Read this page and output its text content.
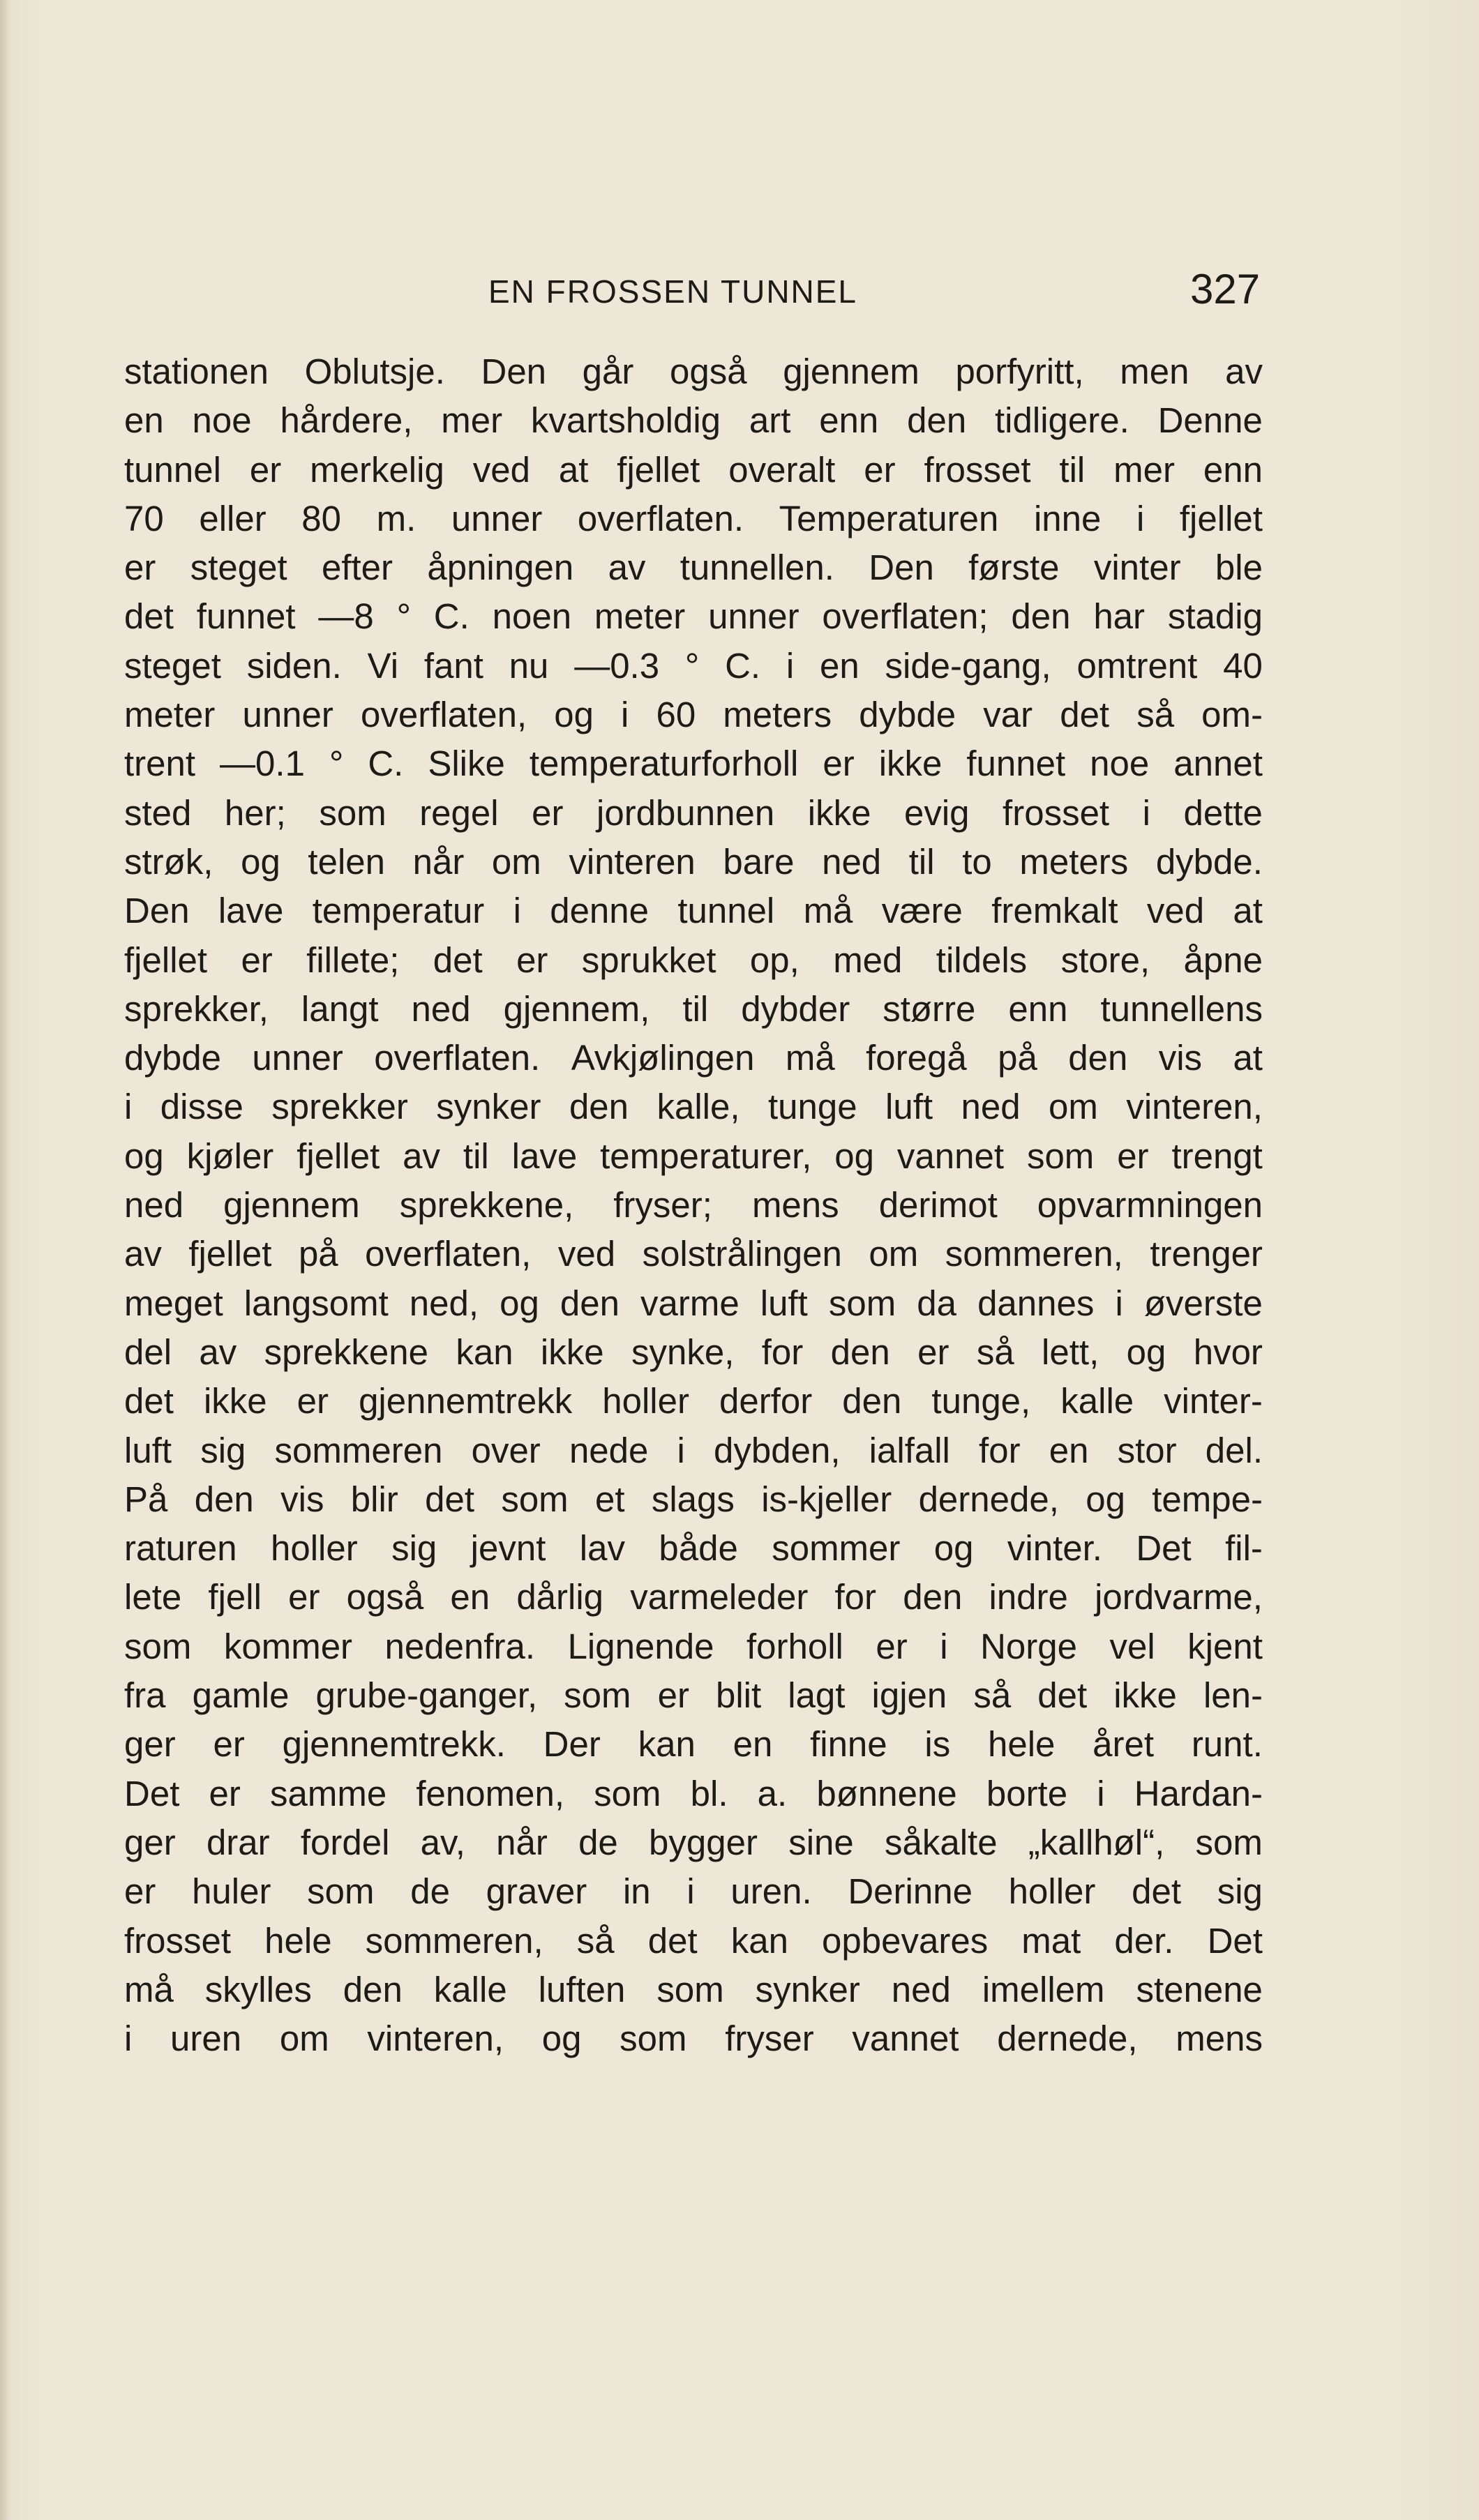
EN FROSSEN TUNNEL	327
stationen Oblutsje. Den går også gjennem porfyritt, men av
en noe hårdere, mer kvartsholdig art enn den tidligere. Denne
tunnel er merkelig ved at fjellet overalt er frosset til mer enn
70 eller 80 m. unner overflaten. Temperaturen inne i fjellet
er steget efter åpningen av tunnellen. Den første vinter ble
det funnet —8 ° C. noen meter unner overflaten; den har stadig
steget siden. Vi fant nu —0.3 ° C. i en side-gang, omtrent 40
meter unner overflaten, og i 60 meters dybde var det så om-
trent —0.1 ° C. Slike temperaturforholl er ikke funnet noe annet
sted her; som regel er jordbunnen ikke evig frosset i dette
strøk, og telen når om vinteren bare ned til to meters dybde.
Den lave temperatur i denne tunnel må være fremkalt ved at
fjellet er fillete; det er sprukket op, med tildels store, åpne
sprekker, langt ned gjennem, til dybder større enn tunnellens
dybde unner overflaten. Avkjølingen må foregå på den vis at
i disse sprekker synker den kalle, tunge luft ned om vinteren,
og kjøler fjellet av til lave temperaturer, og vannet som er trengt
ned gjennem sprekkene, fryser; mens derimot opvarmningen
av fjellet på overflaten, ved solstrålingen om sommeren, trenger
meget langsomt ned, og den varme luft som da dannes i øverste
del av sprekkene kan ikke synke, for den er så lett, og hvor
det ikke er gjennemtrekk holler derfor den tunge, kalle vinter-
luft sig sommeren over nede i dybden, ialfall for en stor del.
På den vis blir det som et slags is-kjeller dernede, og tempe-
raturen holler sig jevnt lav både sommer og vinter. Det fil-
lete fjell er også en dårlig varmeleder for den indre jordvarme,
som kommer nedenfra. Lignende forholl er i Norge vel kjent
fra gamle grube-ganger, som er blit lagt igjen så det ikke len-
ger er gjennemtrekk. Der kan en finne is hele året runt.
Det er samme fenomen, som bl. a. bønnene borte i Hardan-
ger drar fordel av, når de bygger sine såkalte „kallhøl“, som
er huler som de graver in i uren. Derinne holler det sig
frosset hele sommeren, så det kan opbevares mat der. Det
må skylles den kalle luften som synker ned imellem stenene
i uren om vinteren, og som fryser vannet dernede, mens
